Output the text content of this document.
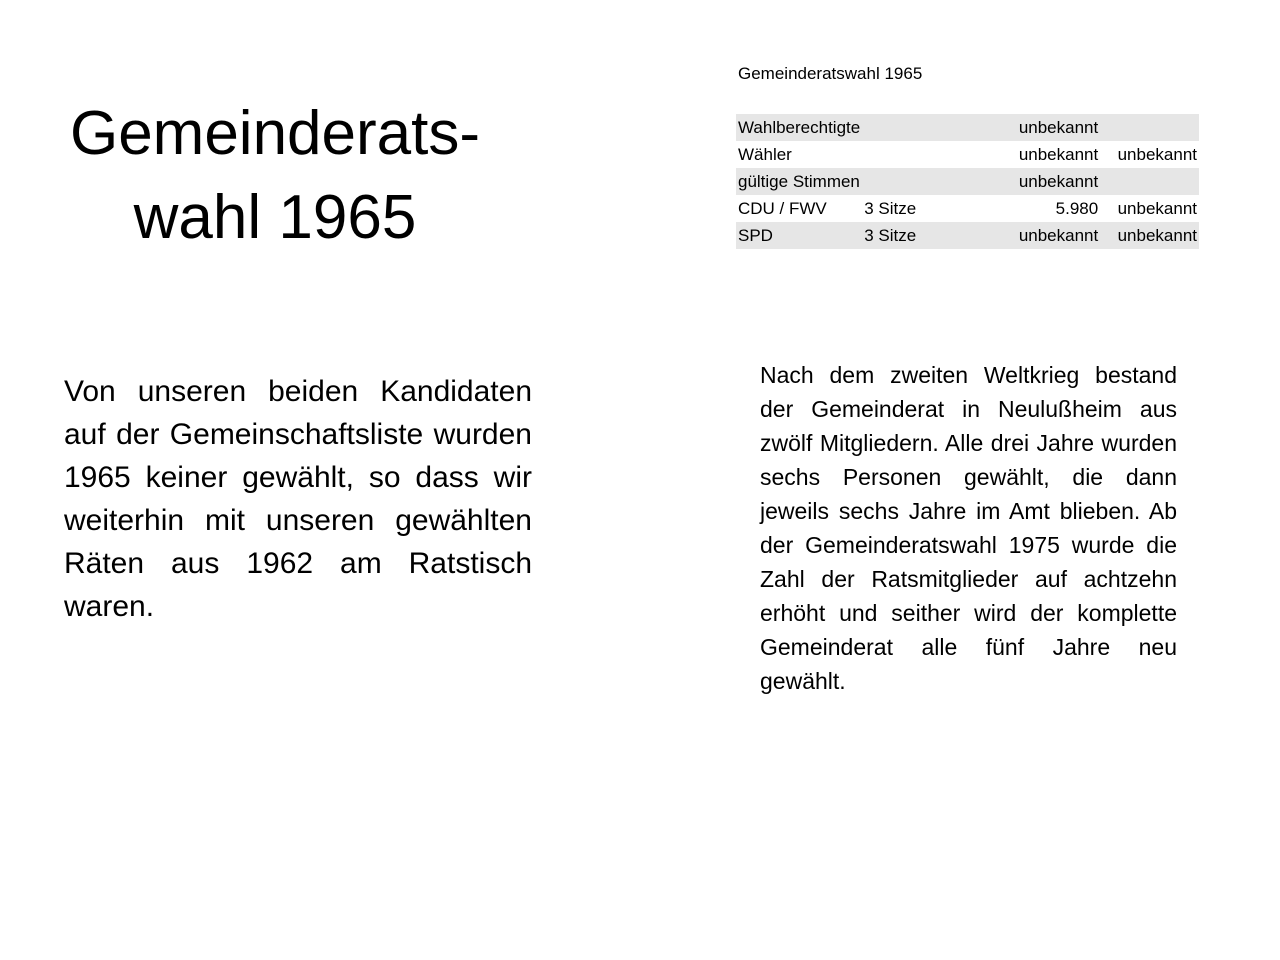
Gemeinderats-
wahl 1965
Gemeinderatswahl 1965
Wahlberechtigte		unbekannt	
Wähler		unbekannt	unbekannt
gültige Stimmen		unbekannt	
CDU / FWV	3 Sitze	5.980	unbekannt
SPD	3 Sitze	unbekannt	unbekannt
Von unseren beiden Kandidaten auf der Gemeinschaftsliste wurden 1965 keiner gewählt, so dass wir weiterhin mit unseren gewählten Räten aus 1962 am Ratstisch waren.
Nach dem zweiten Weltkrieg bestand der Gemeinderat in Neulußheim aus zwölf Mitgliedern. Alle drei Jahre wurden sechs Personen gewählt, die dann jeweils sechs Jahre im Amt blieben. Ab der Gemeinderatswahl 1975 wurde die Zahl der Ratsmitglieder auf achtzehn erhöht und seither wird der komplette Gemeinderat alle fünf Jahre neu gewählt.
